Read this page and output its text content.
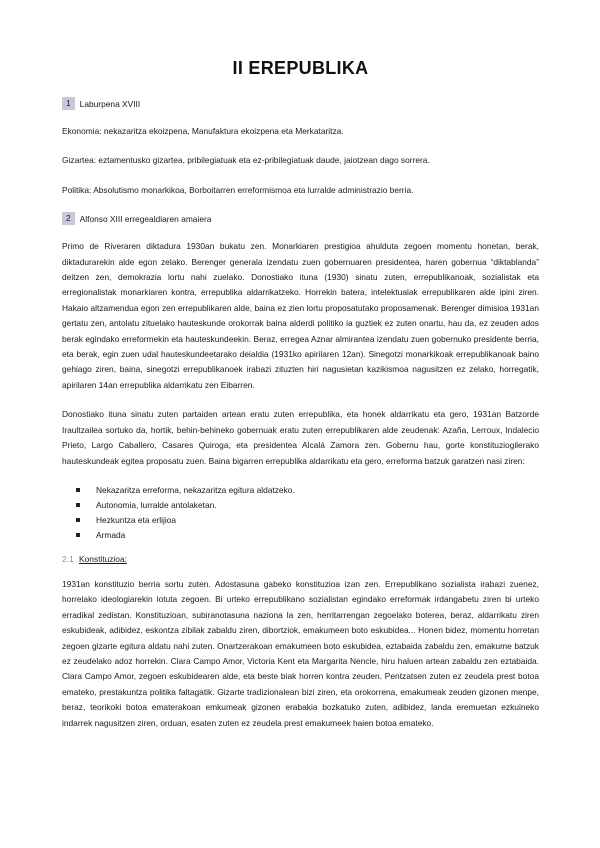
II EREPUBLIKA
1	Laburpena XVIII

Ekonomia: nekazaritza ekoizpena, Manufaktura ekoizpena eta Merkataritza.

Gizartea: eztamentusko gizartea, pribilegiatuak eta ez-pribilegiatuak daude, jaiotzean dago sorrera.

Politika: Absolutismo monarkikoa, Borboitarren erreformismoa eta lurralde administrazio berria.

2	Alfonso XIII erregealdiaren amaiera

Primo de Riveraren diktadura 1930an bukatu zen. Monarkiaren prestigioa ahulduta zegoen momentu honetan, berak, diktadurarekin alde egon zelako. Berenger generala izendatu zuen gobernuaren presidentea, haren gobernua “diktablanda” deitzen zen, demokrazia lortu nahi zuelako. Donostiako ituna (1930) sinatu zuten, errepublikanoak, sozialistak eta erregionalistak monarkiaren kontra, errepublika aldarrikatzeko. Horrekin batera, intelektualak errepublikaren alde ipini ziren. Hakaio altzamendua egon zen errepublikaren alde, baina ez zien lortu proposatutako proposamenak. Berenger dimisioa 1931an gertatu zen, antolatu zituelako hauteskunde orokorrak baina alderdi politiko ia guztiek ez zuten onartu, hau da, ez zeuden ados berak egindako erreformekin eta hauteskundeekin. Beraz, erregea Aznar almirantea izendatu zuen gobernuko presidente berria, eta berak, egin zuen udal hauteskundeetarako deialdia (1931ko apirilaren 12an). Sinegotzi monarkikoak errepublikanoak baino gehiago ziren, baina, sinegotzi errepublikanoek irabazi zituzten hiri nagusietan kazikismoa nagusitzen ez zelako, horregatik, apirilaren 14an errepublika aldarrikatu zen Eibarren.

Donostiako ituna sinatu zuten partaiden artean eratu zuten errepublika, eta honek aldarrikatu eta gero, 1931an Batzorde Iraultzailea sortuko da, hortik, behin-behineko gobernuak eratu zuten errepublikaren alde zeudenak: Azaña, Lerroux, Indalecio Prieto, Largo Caballero, Casares Quiroga, eta presidentea Alcalá Zamora zen. Gobernu hau, gorte konstituziogilerako hauteskundeak egitea proposatu zuen. Baina bigarren errepublika aldarrikatu eta gero, erreforma batzuk garatzen nasi ziren:

Nekazaritza erreforma, nekazaritza egitura aldatzeko.
Autonomia, lurralde antolaketan.
Hezkuntza eta erlijioa
Armada
2.1 Konstituzioa:

1931an konstituzio berria sortu zuten. Adostasuna gabeko konstituzioa izan zen. Errepublikano sozialista irabazi zuenez, horrelako ideologiarekin lotuta zegoen. Bi urteko errepublikano sozialistan egindako erreformak irdangabetu ziren bi urteko erradikal zedistan. Konstituzioan, subiranotasuna naziona la zen, herritarrengan zegoelako boterea, beraz, aldarrikatu ziren eskubideak, adibidez, eskontza zibilak zabaldu ziren, dibortziok, emakumeen boto eskubidea... Honen bidez, momentu horretan zegoen gizarte egitura aldatu nahi zuten. Onartzerakoan emakumeen boto eskubidea, eztabaida zabaldu zen, emakume batzuk ez zeudelako adoz horrekin. Clara Campo Amor, Victoria Kent eta Margarita Nencle, hiru haluen artean zabaldu zen eztabaida. Clara Campo Amor, zegoen eskubidearen alde, eta beste biak horren kontra zeuden. Pentzatsen zuten ez zeudela prest botoa emateko, prestakuntza politika faltagatik. Gizarte tradizionalean bizi ziren, eta orokorrena, emakumeak zeuden gizonen menpe, beraz, teorikoki botoa ematerakoan emkumeak gizonen erabakia bozkatuko zuten, adibidez, landa eremuetan ezkuineko indarrek nagusitzen ziren, orduan, esaten zuten ez zeudela prest emakumeek haien botoa emateko.
